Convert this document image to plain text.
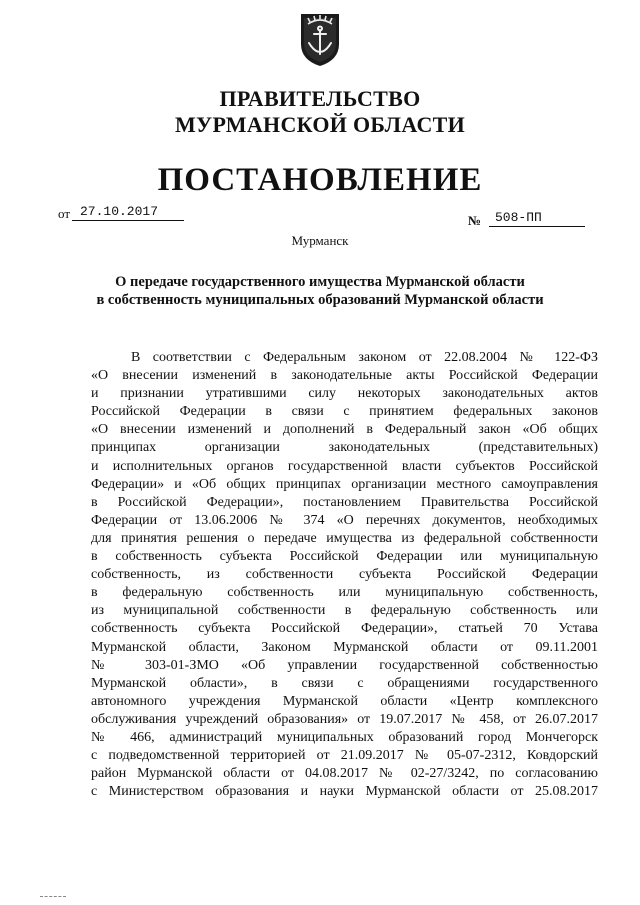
ПРАВИТЕЛЬСТВО
МУРМАНСКОЙ ОБЛАСТИ
ПОСТАНОВЛЕНИЕ
от 27.10.2017
№	508-ПП
Мурманск
О передаче государственного имущества Мурманской области
в собственность муниципальных образований Мурманской области
В соответствии с Федеральным законом от 22.08.2004 № 122-ФЗ
«О внесении изменений в законодательные акты Российской Федерации
и признании утратившими силу некоторых законодательных актов
Российской Федерации в связи с принятием федеральных законов
«О внесении изменений и дополнений в Федеральный закон «Об общих
принципах организации законодательных (представительных)
и исполнительных органов государственной власти субъектов Российской
Федерации» и «Об общих принципах организации местного самоуправления
в Российской Федерации», постановлением Правительства Российской
Федерации от 13.06.2006 № 374 «О перечнях документов, необходимых
для принятия решения о передаче имущества из федеральной собственности
в собственность субъекта Российской Федерации или муниципальную
собственность, из собственности субъекта Российской Федерации
в федеральную собственность или муниципальную собственность,
из муниципальной собственности в федеральную собственность или
собственность субъекта Российской Федерации», статьей 70 Устава
Мурманской области, Законом Мурманской области от 09.11.2001
№ 303-01-ЗМО «Об управлении государственной собственностью
Мурманской области», в связи с обращениями государственного
автономного учреждения Мурманской области «Центр комплексного
обслуживания учреждений образования» от 19.07.2017 № 458, от 26.07.2017
№ 466, администраций муниципальных образований город Мончегорск
с подведомственной территорией от 21.09.2017 № 05-07-2312, Ковдорский
район Мурманской области от 04.08.2017 № 02-27/3242, по согласованию
с Министерством образования и науки Мурманской области от 25.08.2017
